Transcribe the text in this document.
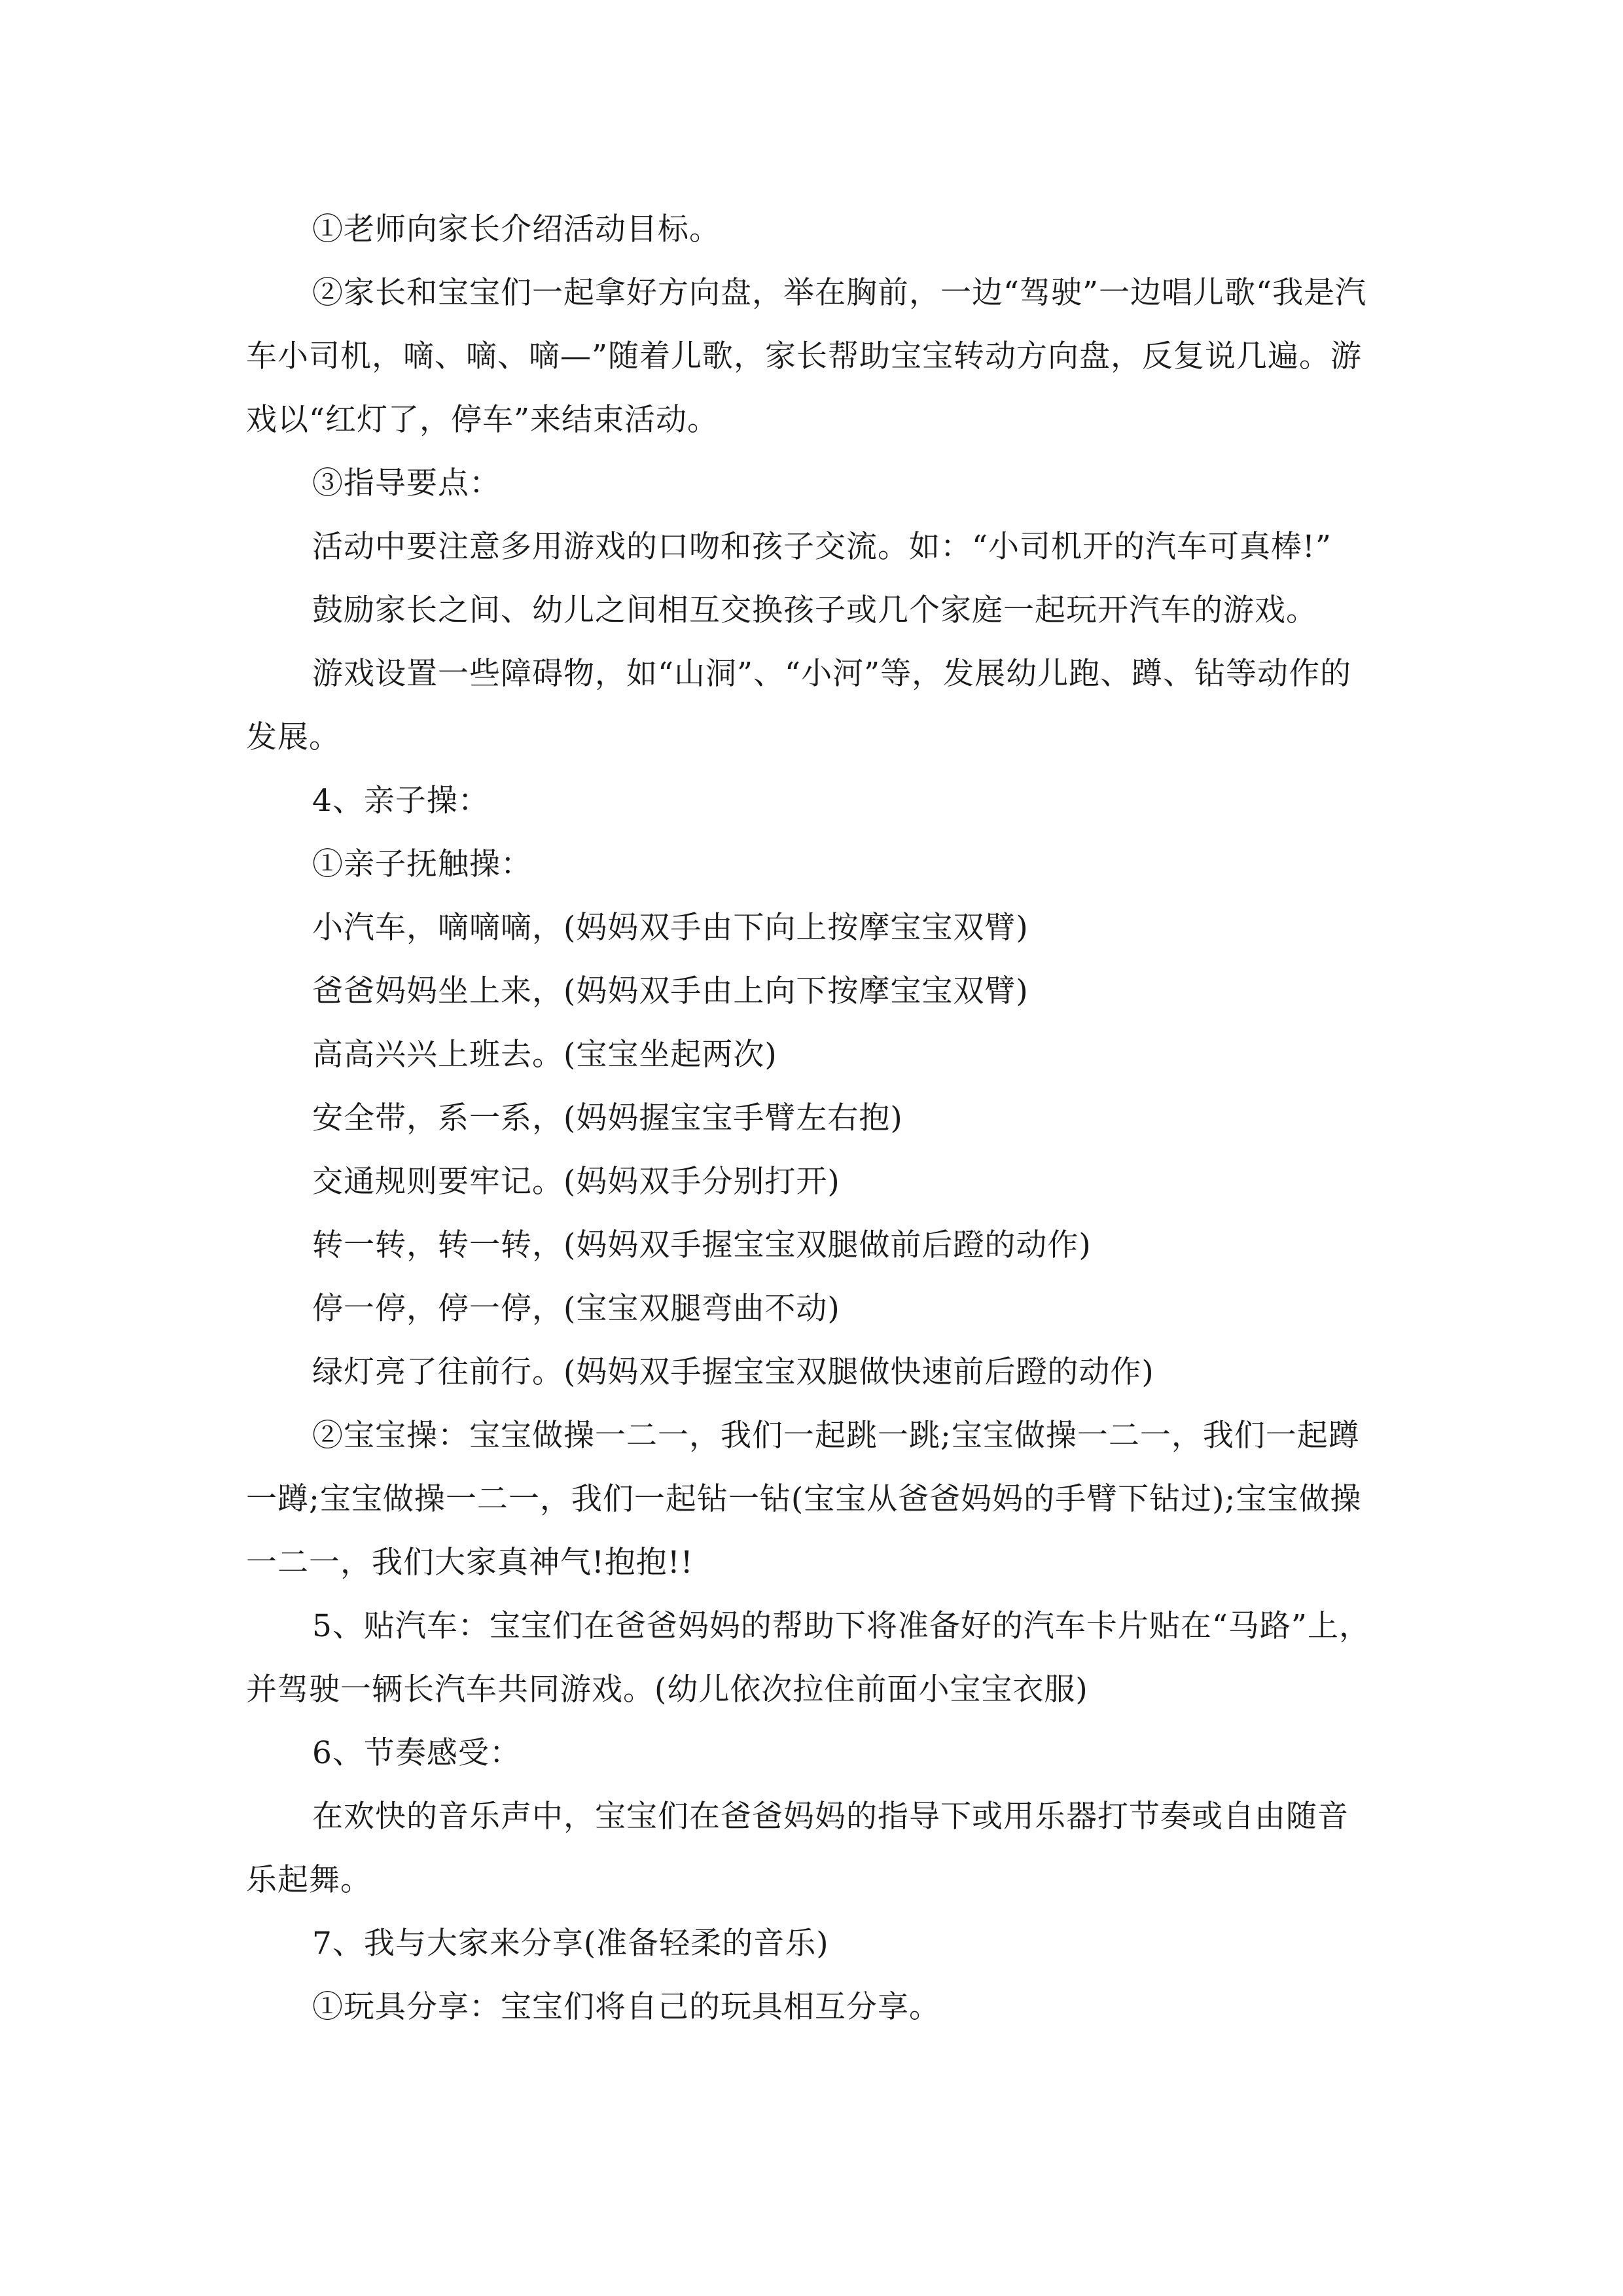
①老师向家长介绍活动目标。

②家长和宝宝们一起拿好方向盘，举在胸前，一边“驾驶”一边唱儿歌“我是汽车小司机，嘀、嘀、嘀—”随着儿歌，家长帮助宝宝转动方向盘，反复说几遍。游戏以“红灯了，停车”来结束活动。

③指导要点：

活动中要注意多用游戏的口吻和孩子交流。如：“小司机开的汽车可真棒!”

鼓励家长之间、幼儿之间相互交换孩子或几个家庭一起玩开汽车的游戏。

游戏设置一些障碍物，如“山洞”、“小河”等，发展幼儿跑、蹲、钻等动作的发展。

4、亲子操：

①亲子抚触操：

小汽车，嘀嘀嘀，(妈妈双手由下向上按摩宝宝双臂)

爸爸妈妈坐上来，(妈妈双手由上向下按摩宝宝双臂)

高高兴兴上班去。(宝宝坐起两次)

安全带，系一系，(妈妈握宝宝手臂左右抱)

交通规则要牢记。(妈妈双手分别打开)

转一转，转一转，(妈妈双手握宝宝双腿做前后蹬的动作)

停一停，停一停，(宝宝双腿弯曲不动)

绿灯亮了往前行。(妈妈双手握宝宝双腿做快速前后蹬的动作)

②宝宝操：宝宝做操一二一，我们一起跳一跳;宝宝做操一二一，我们一起蹲一蹲;宝宝做操一二一，我们一起钻一钻(宝宝从爸爸妈妈的手臂下钻过);宝宝做操一二一，我们大家真神气!抱抱!!

5、贴汽车：宝宝们在爸爸妈妈的帮助下将准备好的汽车卡片贴在“马路”上，并驾驶一辆长汽车共同游戏。(幼儿依次拉住前面小宝宝衣服)

6、节奏感受：

在欢快的音乐声中，宝宝们在爸爸妈妈的指导下或用乐器打节奏或自由随音乐起舞。

7、我与大家来分享(准备轻柔的音乐)

①玩具分享：宝宝们将自己的玩具相互分享。
